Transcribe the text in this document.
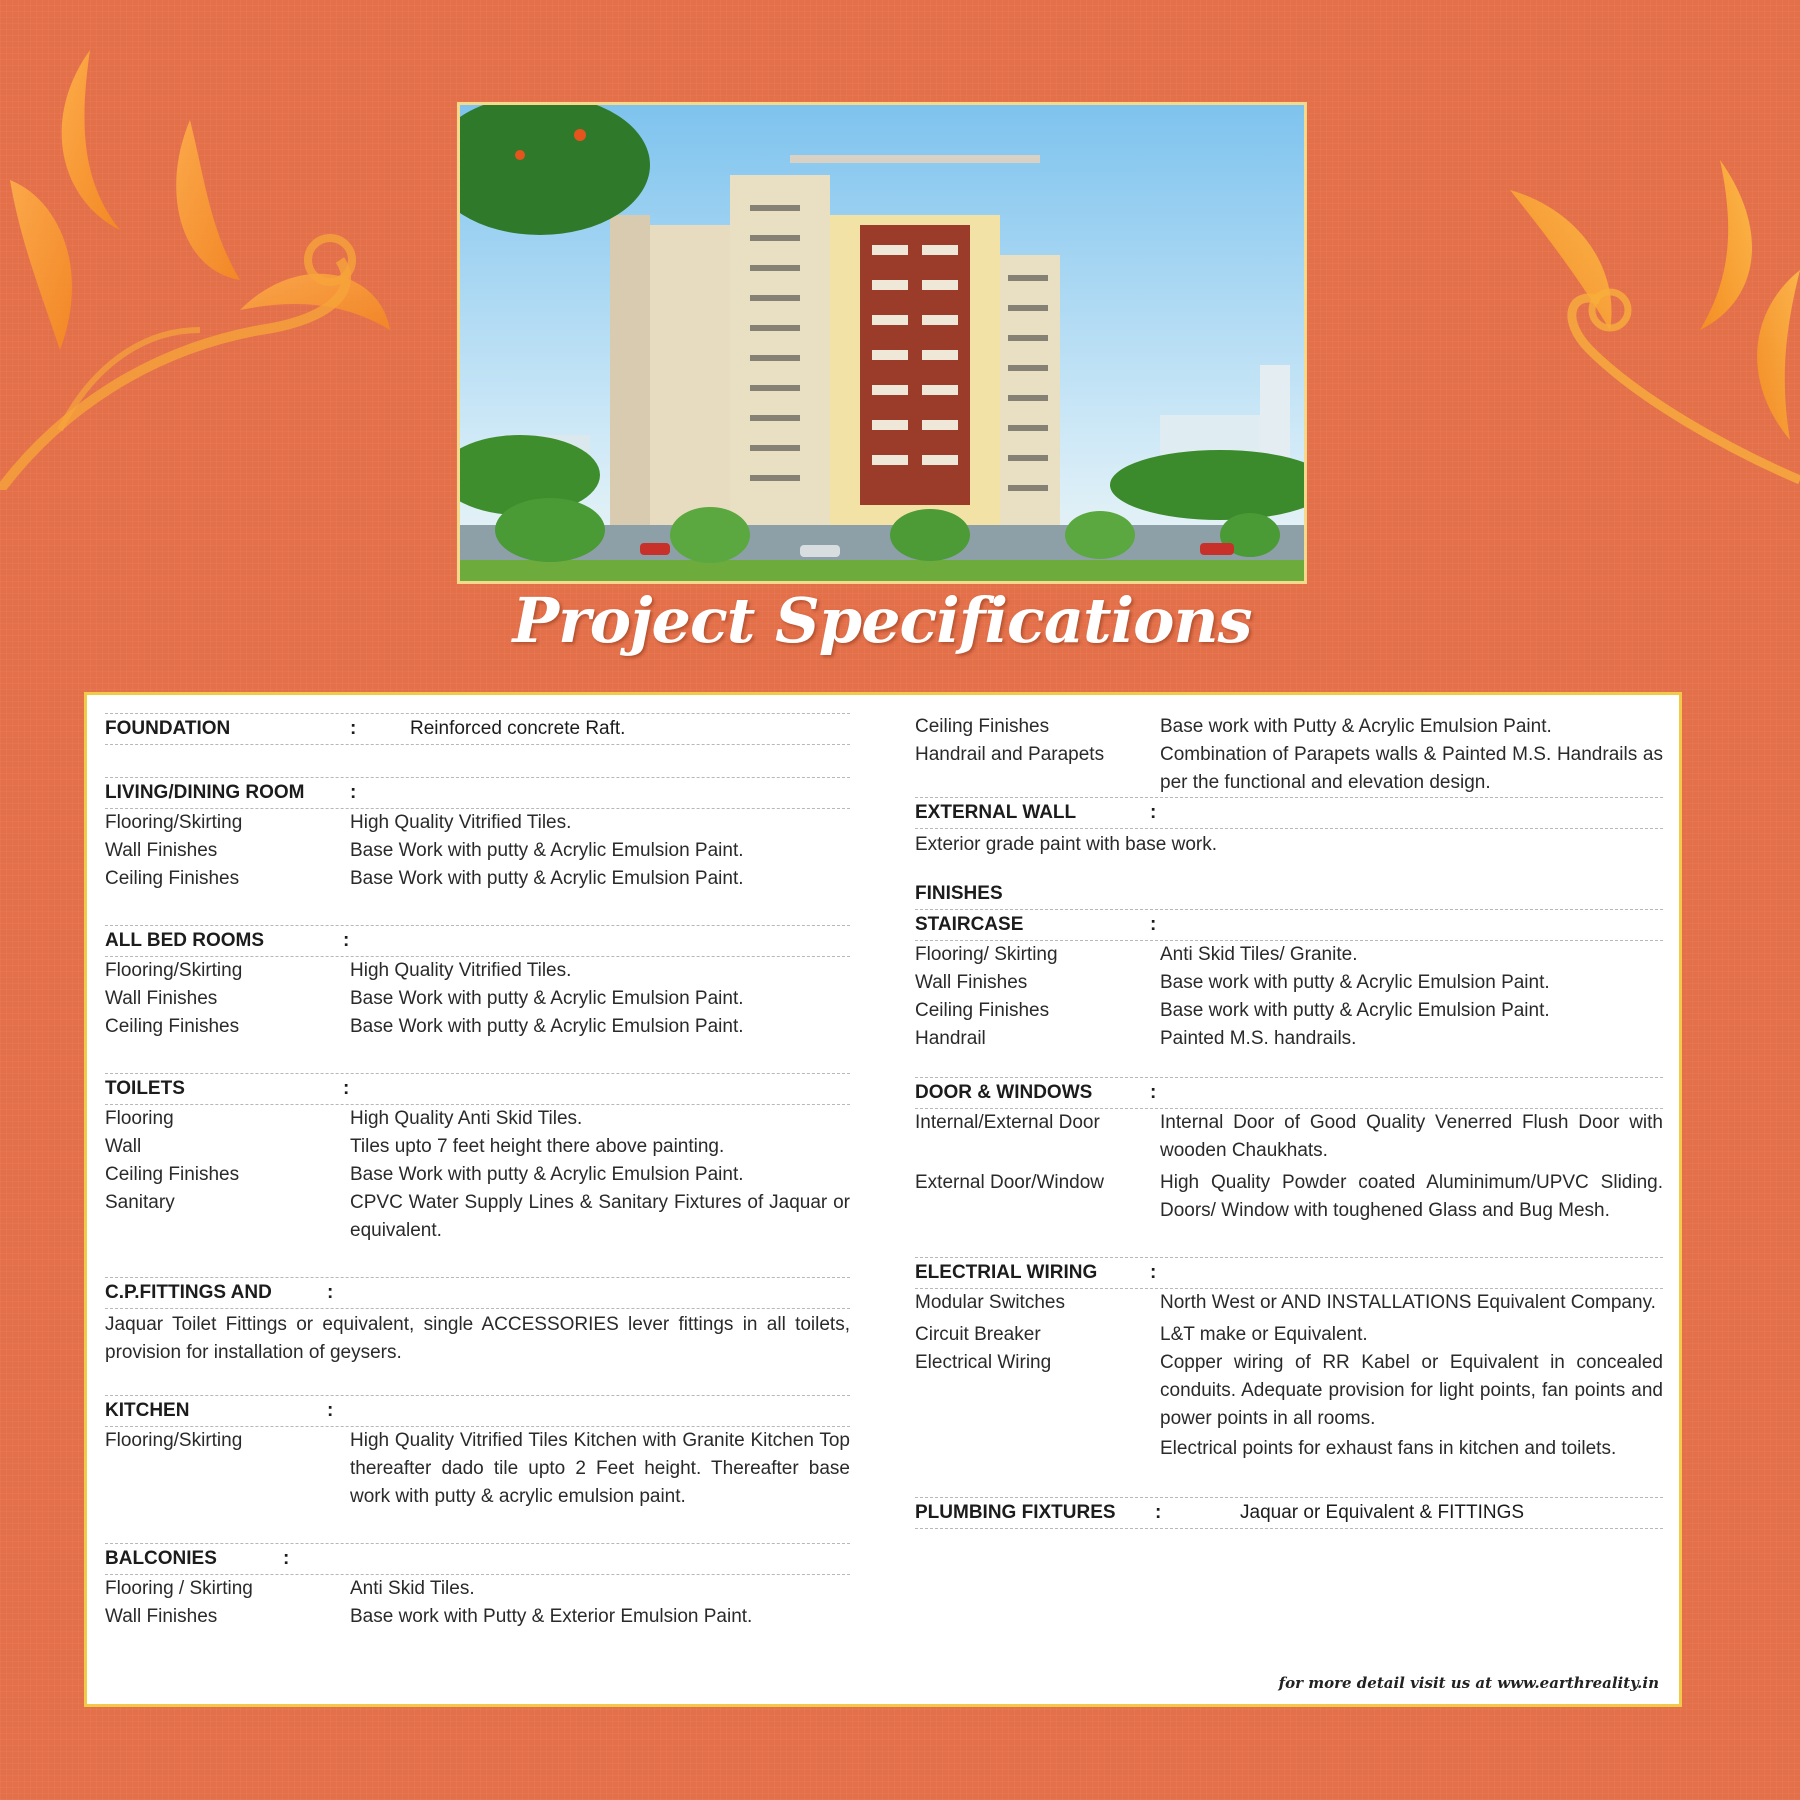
Project Specifications
FOUNDATION	:	Reinforced concrete Raft.
LIVING/DINING ROOM :
Flooring/Skirting	High Quality Vitrified Tiles.
Wall Finishes	Base Work with putty & Acrylic Emulsion Paint.
Ceiling Finishes	Base Work with putty & Acrylic Emulsion Paint.
ALL BED ROOMS	:
Flooring/Skirting	High Quality Vitrified Tiles.
Wall Finishes	Base Work with putty & Acrylic Emulsion Paint.
Ceiling Finishes	Base Work with putty & Acrylic Emulsion Paint.
TOILETS	:
Flooring	High Quality Anti Skid Tiles.
Wall	Tiles upto 7 feet height there above painting.
Ceiling Finishes	Base Work with putty & Acrylic Emulsion Paint.
Sanitary	CPVC Water Supply Lines & Sanitary Fixtures of Jaquar or equivalent.
C.P.FITTINGS AND	:
Jaquar Toilet Fittings or equivalent, single ACCESSORIES lever fittings in all toilets, provision for installation of geysers.
KITCHEN	:
Flooring/Skirting	High Quality Vitrified Tiles Kitchen with Granite Kitchen Top thereafter dado tile upto 2 Feet height. Thereafter base work with putty & acrylic emulsion paint.
BALCONIES	:
Flooring / Skirting	Anti Skid Tiles.
Wall Finishes	Base work with Putty & Exterior Emulsion Paint.
Ceiling Finishes	Base work with Putty & Acrylic Emulsion Paint.
Handrail and Parapets	Combination of Parapets walls & Painted M.S. Handrails as per the functional and elevation design.
EXTERNAL WALL	:
Exterior grade paint with base work.
FINISHES
STAIRCASE	:
Flooring/ Skirting	Anti Skid Tiles/ Granite.
Wall Finishes	Base work with putty & Acrylic Emulsion Paint.
Ceiling Finishes	Base work with putty & Acrylic Emulsion Paint.
Handrail	Painted M.S. handrails.
DOOR & WINDOWS	:
Internal/External Door	Internal Door of Good Quality Venerred Flush Door with wooden Chaukhats.
External Door/Window	High Quality Powder coated Aluminimum/UPVC Sliding. Doors/ Window with toughened Glass and Bug Mesh.
ELECTRIAL WIRING	:
Modular Switches	North West or AND INSTALLATIONS Equivalent Company.
Circuit Breaker	L&T make or Equivalent.
Electrical Wiring	Copper wiring of RR Kabel or Equivalent in concealed conduits. Adequate provision for light points, fan points and power points in all rooms.
Electrical points for exhaust fans in kitchen and toilets.
PLUMBING FIXTURES :	Jaquar or Equivalent & FITTINGS
for more detail visit us at www.earthreality.in
